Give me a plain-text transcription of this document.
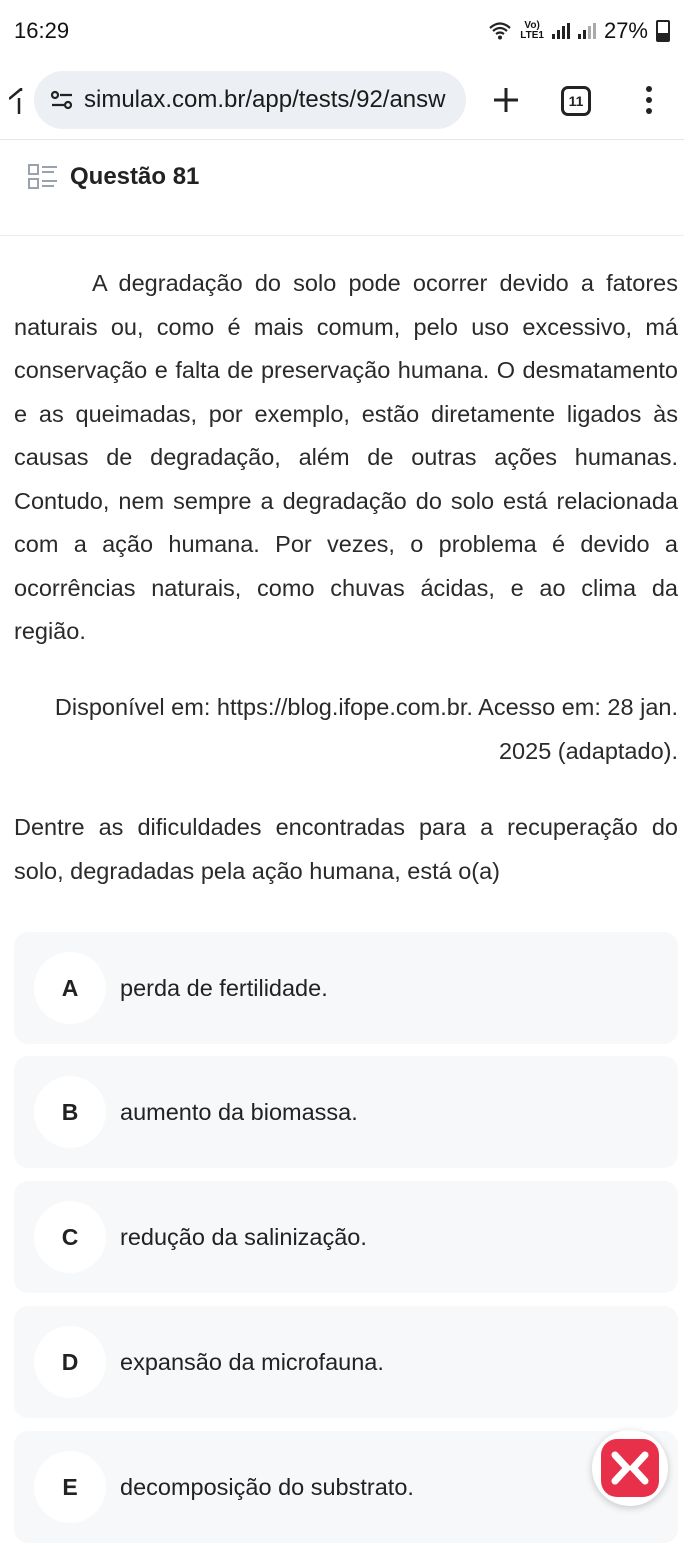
16:29	Vo)
LTE1	27%
simulax.com.br/app/tests/92/answ	11
Questão 81

A degradação do solo pode ocorrer devido a fatores naturais ou, como é mais comum, pelo uso excessivo, má conservação e falta de preservação humana. O desmatamento e as queimadas, por exemplo, estão diretamente ligados às causas de degradação, além de outras ações humanas. Contudo, nem sempre a degradação do solo está relacionada com a ação humana. Por vezes, o problema é devido a ocorrências naturais, como chuvas ácidas, e ao clima da região.

Disponível em: https://blog.ifope.com.br. Acesso em: 28 jan. 2025 (adaptado).
Dentre as dificuldades encontradas para a recuperação do solo, degradadas pela ação humana, está o(a)
A	perda de fertilidade.
B	aumento da biomassa.
C	redução da salinização.
D	expansão da microfauna.
E	decomposição do substrato.
